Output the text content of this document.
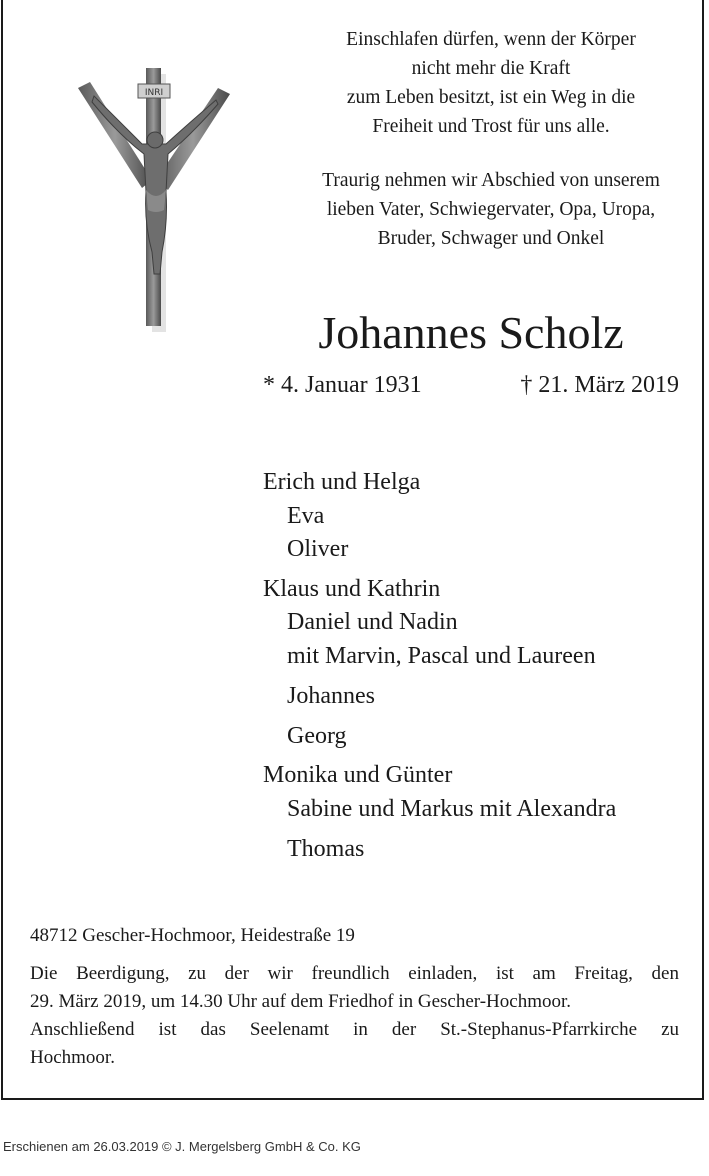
INRI
Einschlafen dürfen, wenn der Körper
nicht mehr die Kraft
zum Leben besitzt, ist ein Weg in die
Freiheit und Trost für uns alle.
Traurig nehmen wir Abschied von unserem
lieben Vater, Schwiegervater, Opa, Uropa,
Bruder, Schwager und Onkel
Johannes Scholz
* 4. Januar 1931	† 21. März 2019
Erich und Helga
Eva
Oliver
Klaus und Kathrin
Daniel und Nadin
mit Marvin, Pascal und Laureen
Johannes
Georg
Monika und Günter
Sabine und Markus mit Alexandra
Thomas
48712 Gescher-Hochmoor, Heidestraße 19
Die Beerdigung, zu der wir freundlich einladen, ist am Freitag, den
29. März 2019, um 14.30 Uhr auf dem Friedhof in Gescher-Hochmoor.
Anschließend ist das Seelenamt in der St.-Stephanus-Pfarrkirche zu
Hochmoor.
Erschienen am 26.03.2019 © J. Mergelsberg GmbH & Co. KG
